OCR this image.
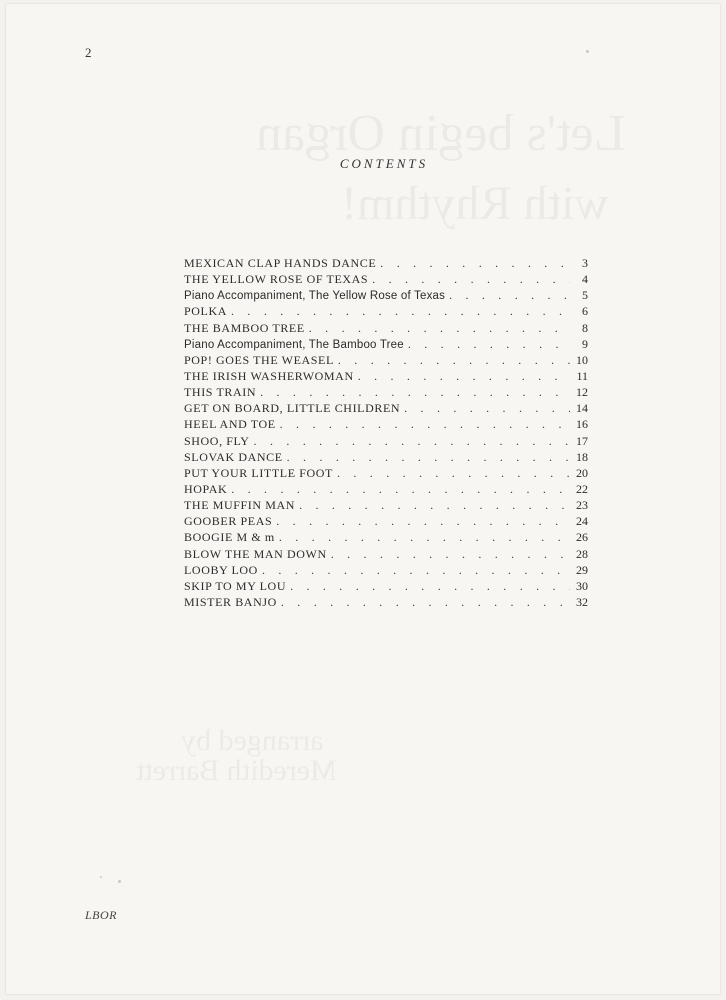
2
CONTENTS
MEXICAN CLAP HANDS DANCE . . .	3
THE YELLOW ROSE OF TEXAS . . .	4
Piano Accompaniment, The Yellow Rose of Texas . . .	5
POLKA . . .	6
THE BAMBOO TREE . . .	8
Piano Accompaniment, The Bamboo Tree . . .	9
POP! GOES THE WEASEL . . .	10
THE IRISH WASHERWOMAN . . .	11
THIS TRAIN . . .	12
GET ON BOARD, LITTLE CHILDREN . . .	14
HEEL AND TOE . . .	16
SHOO, FLY . . .	17
SLOVAK DANCE . . .	18
PUT YOUR LITTLE FOOT . . .	20
HOPAK . . .	22
THE MUFFIN MAN . . .	23
GOOBER PEAS . . .	24
BOOGIE M & m . . .	26
BLOW THE MAN DOWN . . .	28
LOOBY LOO . . .	29
SKIP TO MY LOU . . .	30
MISTER BANJO . . .	32
LBOR
